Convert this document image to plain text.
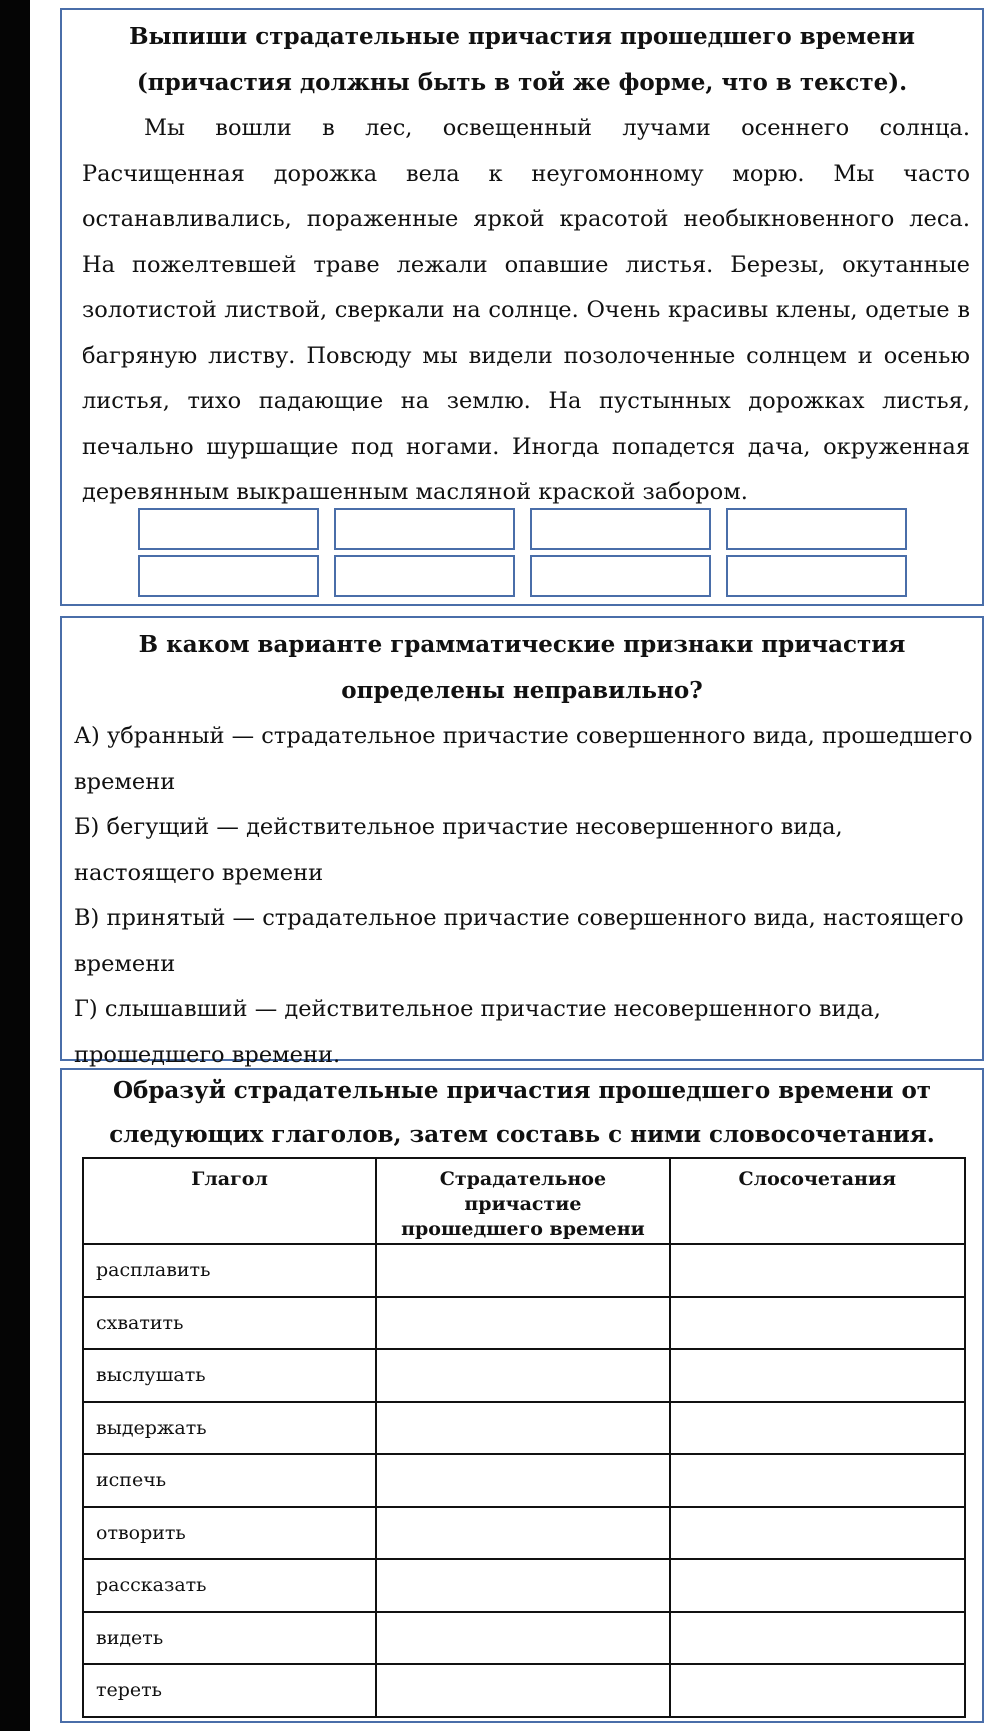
Выпиши страдательные причастия прошедшего времени
(причастия должны быть в той же форме, что в тексте).
Мы вошли в лес, освещенный лучами осеннего солнца. Расчищенная дорожка вела к неугомонному морю. Мы часто останавливались, пораженные яркой красотой необыкновенного леса. На пожелтевшей траве лежали опавшие листья. Березы, окутанные золотистой листвой, сверкали на солнце. Очень красивы клены, одетые в багряную листву. Повсюду мы видели позолоченные солнцем и осенью листья, тихо падающие на землю. На пустынных дорожках листья, печально шуршащие под ногами. Иногда попадется дача, окруженная деревянным выкрашенным масляной краской забором.
В каком варианте грамматические признаки причастия
определены неправильно?
А) убранный — страдательное причастие совершенного вида, прошедшего
времени
Б) бегущий — действительное причастие несовершенного вида,
настоящего времени
В) принятый — страдательное причастие совершенного вида, настоящего
времени
Г) слышавший — действительное причастие несовершенного вида,
прошедшего времени.
Образуй страдательные причастия прошедшего времени от
следующих глаголов, затем составь с ними словосочетания.
Глагол	Страдательное причастие прошедшего времени	Слосочетания
расплавить		
схватить		
выслушать		
выдержать		
испечь		
отворить		
рассказать		
видеть		
тереть		
